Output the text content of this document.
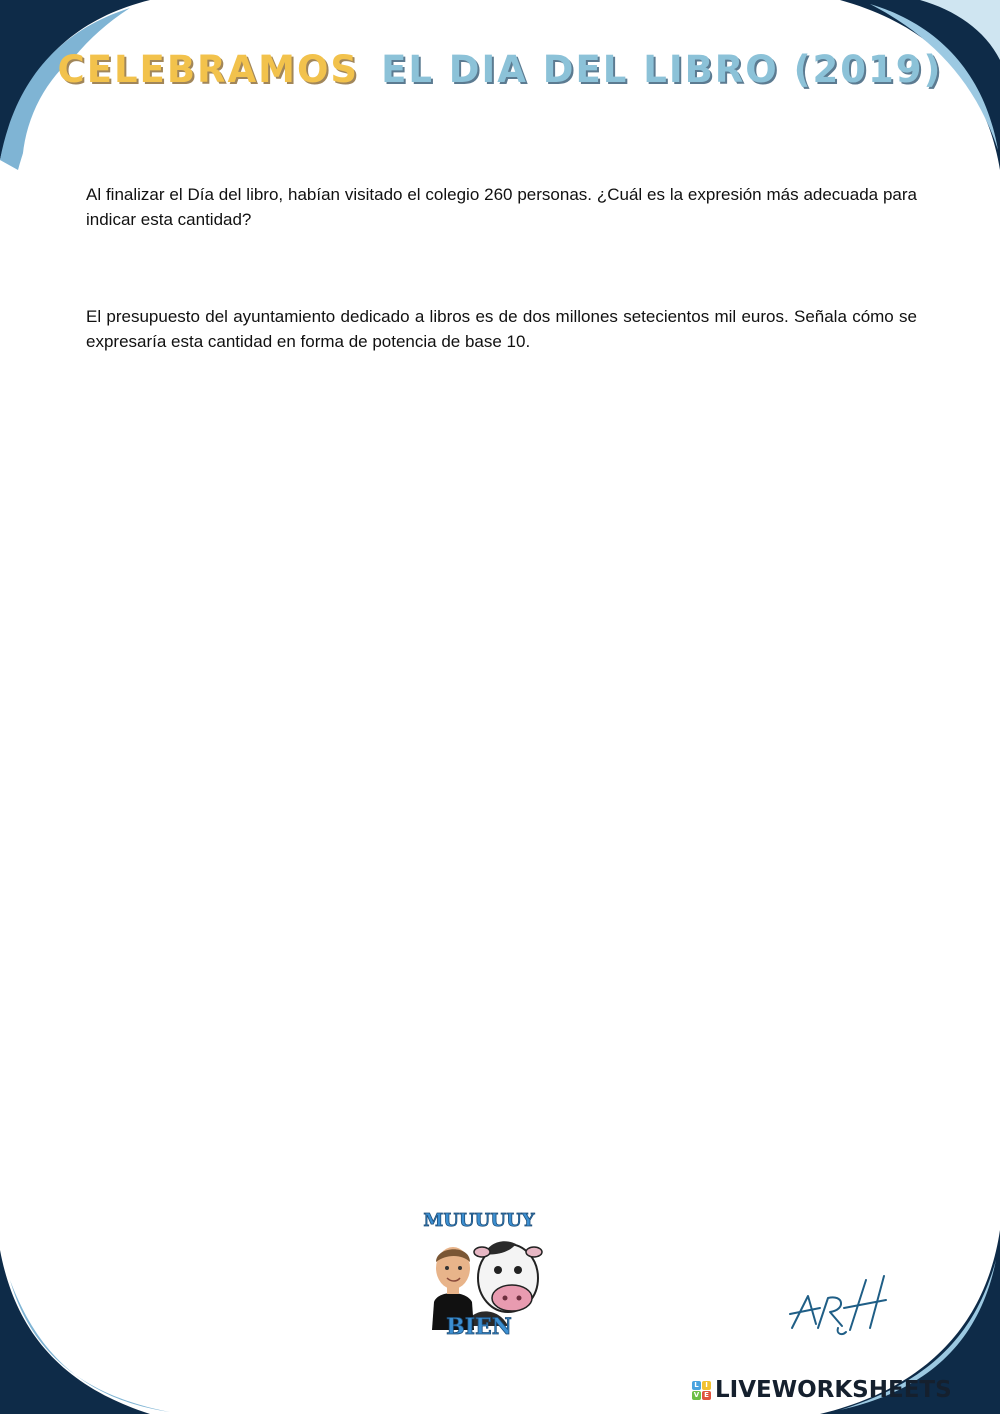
CELEBRAMOS EL DIA DEL LIBRO (2019)

Al finalizar el Día del libro, habían visitado el colegio 260 personas. ¿Cuál es la expresión más adecuada para indicar esta cantidad?

El presupuesto del ayuntamiento dedicado a libros es de dos millones setecientos mil euros. Señala cómo se expresaría esta cantidad en forma de potencia de base 10.

MUUUUUY
BIEN
L I
V E LIVEWORKSHEETS
